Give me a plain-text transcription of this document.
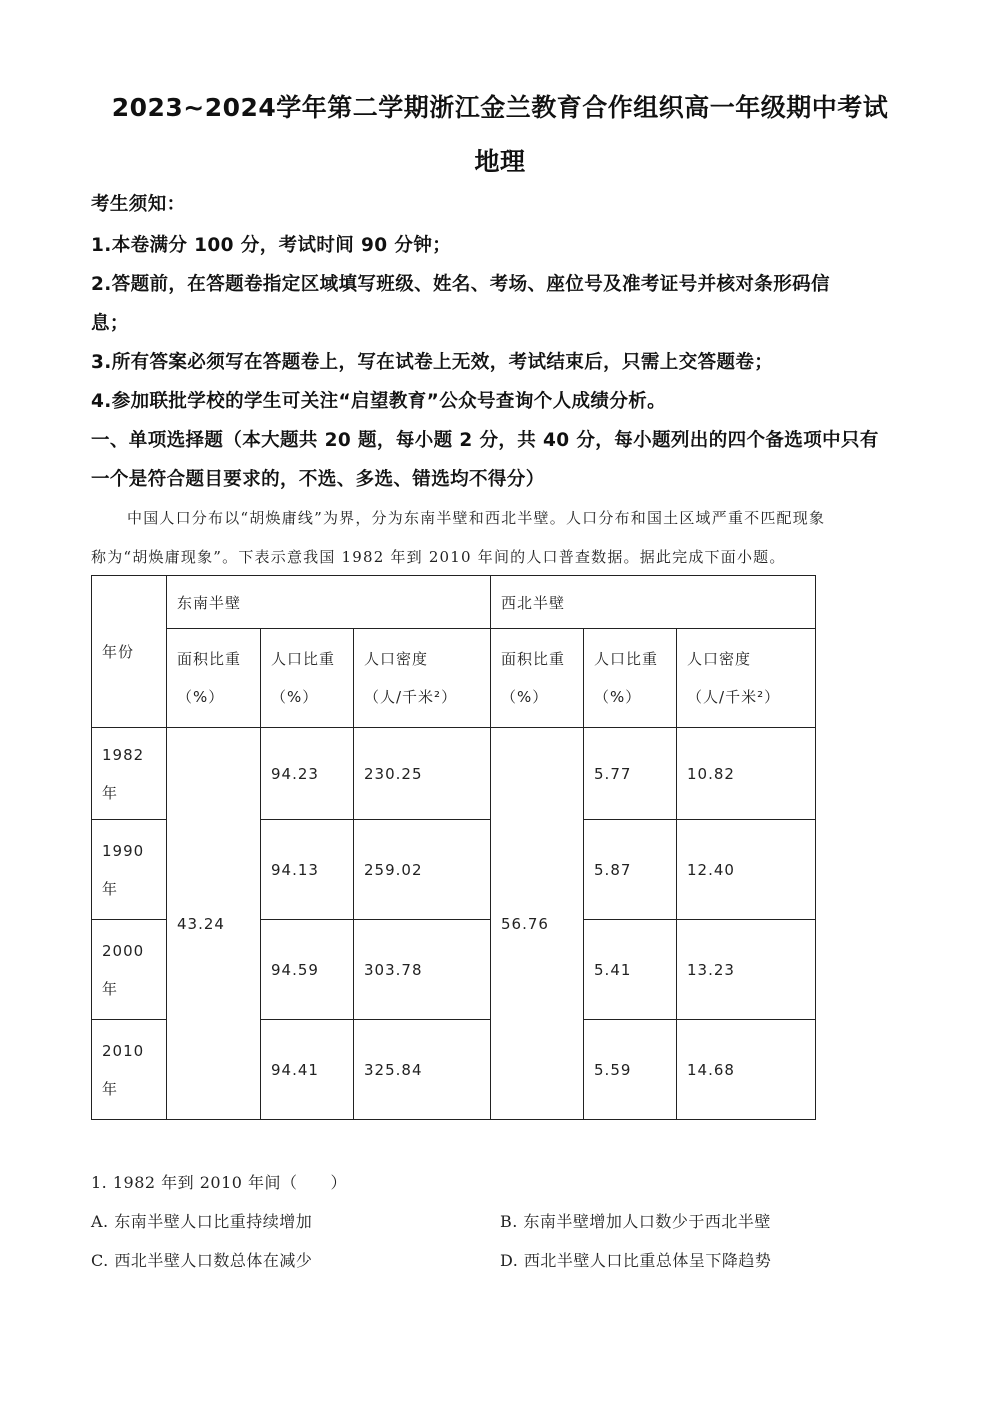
2023~2024学年第二学期浙江金兰教育合作组织高一年级期中考试
地理
考生须知：
1.本卷满分 100 分，考试时间 90 分钟；
2.答题前，在答题卷指定区域填写班级、姓名、考场、座位号及准考证号并核对条形码信
息；
3.所有答案必须写在答题卷上，写在试卷上无效，考试结束后，只需上交答题卷；
4.参加联批学校的学生可关注“启望教育”公众号查询个人成绩分析。
一、单项选择题（本大题共 20 题，每小题 2 分，共 40 分，每小题列出的四个备选项中只有
一个是符合题目要求的，不选、多选、错选均不得分）
中国人口分布以“胡焕庸线”为界，分为东南半壁和西北半壁。人口分布和国土区域严重不匹配现象
称为“胡焕庸现象”。下表示意我国 1982 年到 2010 年间的人口普查数据。据此完成下面小题。
年份	东南半壁			西北半壁		
	面积比重
（%）	人口比重
（%）	人口密度
（人/千米²）	面积比重
（%）	人口比重
（%）	人口密度
（人/千米²）
1982
年	43.24	94.23	230.25	56.76	5.77	10.82
1990
年		94.13	259.02		5.87	12.40
2000
年		94.59	303.78		5.41	13.23
2010
年		94.41	325.84		5.59	14.68
1. 1982 年到 2010 年间（　　）
A. 东南半壁人口比重持续增加	B. 东南半壁增加人口数少于西北半壁
C. 西北半壁人口数总体在减少	D. 西北半壁人口比重总体呈下降趋势
